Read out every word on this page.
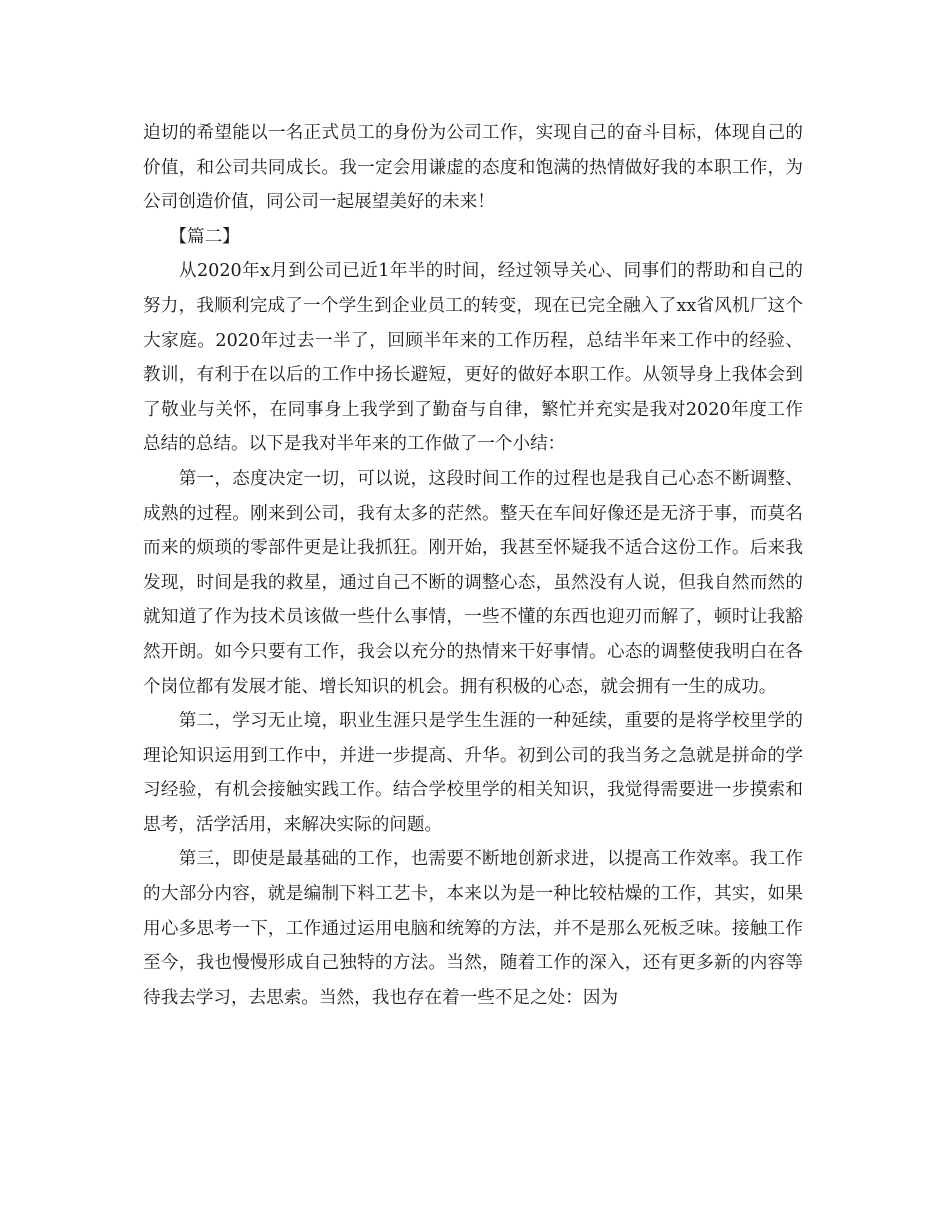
迫切的希望能以一名正式员工的身份为公司工作，实现自己的奋斗目标，体现自己的价值，和公司共同成长。我一定会用谦虚的态度和饱满的热情做好我的本职工作，为公司创造价值，同公司一起展望美好的未来！

　　【篇二】

　　从2020年x月到公司已近1年半的时间，经过领导关心、同事们的帮助和自己的努力，我顺利完成了一个学生到企业员工的转变，现在已完全融入了xx省风机厂这个大家庭。2020年过去一半了，回顾半年来的工作历程，总结半年来工作中的经验、教训，有利于在以后的工作中扬长避短，更好的做好本职工作。从领导身上我体会到了敬业与关怀，在同事身上我学到了勤奋与自律，繁忙并充实是我对2020年度工作总结的总结。以下是我对半年来的工作做了一个小结：

　　第一，态度决定一切，可以说，这段时间工作的过程也是我自己心态不断调整、成熟的过程。刚来到公司，我有太多的茫然。整天在车间好像还是无济于事，而莫名而来的烦琐的零部件更是让我抓狂。刚开始，我甚至怀疑我不适合这份工作。后来我发现，时间是我的救星，通过自己不断的调整心态，虽然没有人说，但我自然而然的就知道了作为技术员该做一些什么事情，一些不懂的东西也迎刃而解了，顿时让我豁然开朗。如今只要有工作，我会以充分的热情来干好事情。心态的调整使我明白在各个岗位都有发展才能、增长知识的机会。拥有积极的心态，就会拥有一生的成功。

　　第二，学习无止境，职业生涯只是学生生涯的一种延续，重要的是将学校里学的理论知识运用到工作中，并进一步提高、升华。初到公司的我当务之急就是拼命的学习经验，有机会接触实践工作。结合学校里学的相关知识，我觉得需要进一步摸索和思考，活学活用，来解决实际的问题。

　　第三，即使是最基础的工作，也需要不断地创新求进，以提高工作效率。我工作的大部分内容，就是编制下料工艺卡，本来以为是一种比较枯燥的工作，其实，如果用心多思考一下，工作通过运用电脑和统筹的方法，并不是那么死板乏味。接触工作至今，我也慢慢形成自己独特的方法。当然，随着工作的深入，还有更多新的内容等待我去学习，去思索。当然，我也存在着一些不足之处：因为
